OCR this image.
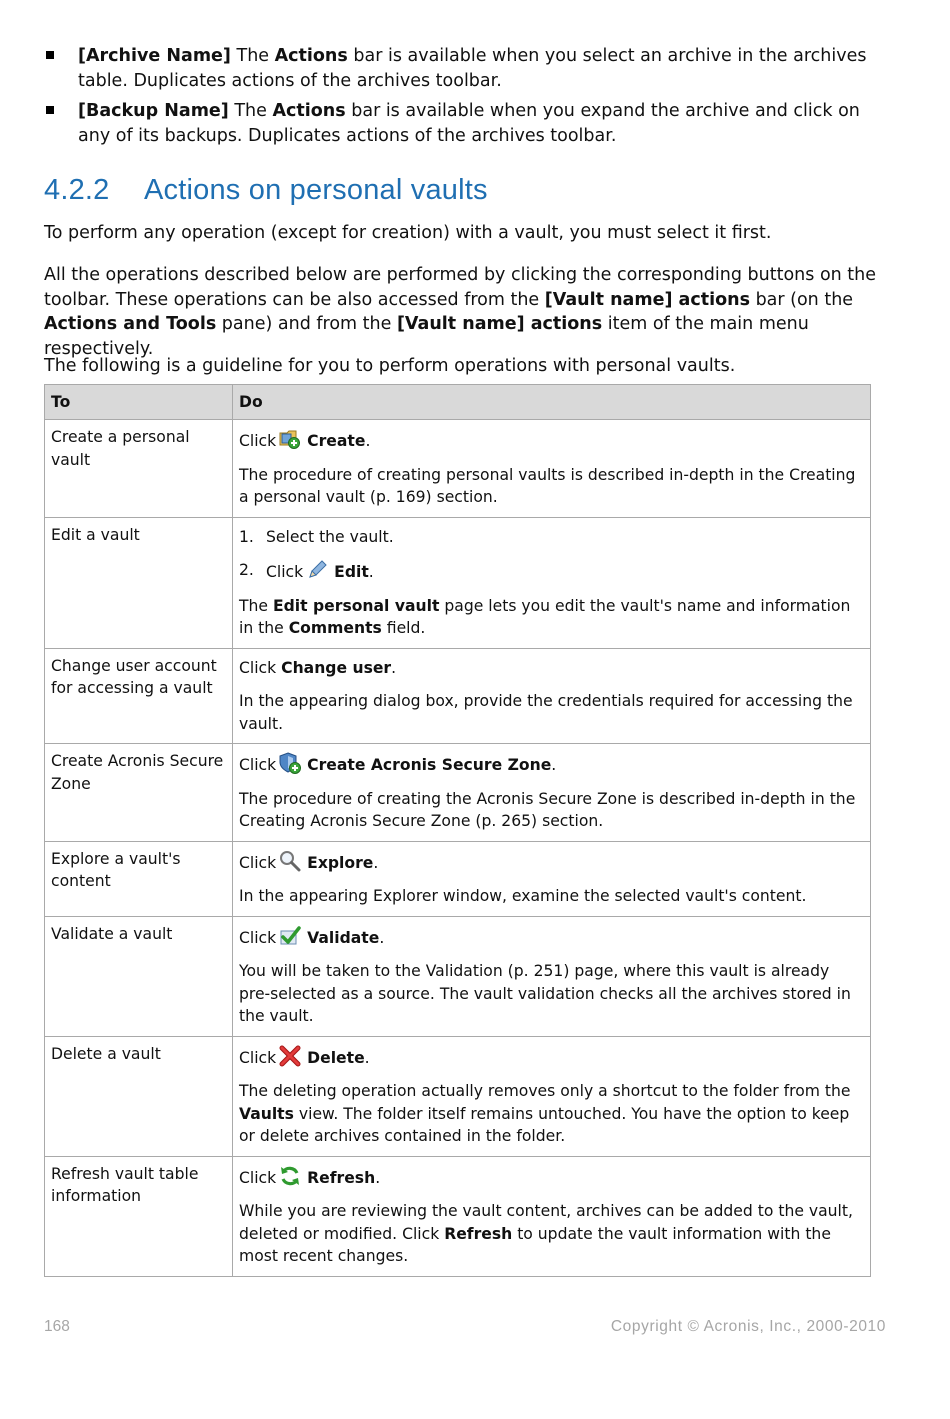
[Archive Name] The Actions bar is available when you select an archive in the archives table. Duplicates actions of the archives toolbar.
[Backup Name] The Actions bar is available when you expand the archive and click on any of its backups. Duplicates actions of the archives toolbar.
4.2.2 Actions on personal vaults

To perform any operation (except for creation) with a vault, you must select it first.

All the operations described below are performed by clicking the corresponding buttons on the toolbar. These operations can be also accessed from the [Vault name] actions bar (on the Actions and Tools pane) and from the [Vault name] actions item of the main menu respectively.

The following is a guideline for you to perform operations with personal vaults.

To	Do
Create a personal vault	Click Create.

The procedure of creating personal vaults is described in-depth in the Creating a personal vault (p. 169) section.

Edit a vault	1. Select the vault.
2. Click Edit.

The Edit personal vault page lets you edit the vault's name and information in the Comments field.

Change user account for accessing a vault	Click Change user.

In the appearing dialog box, provide the credentials required for accessing the vault.

Create Acronis Secure Zone	Click Create Acronis Secure Zone.

The procedure of creating the Acronis Secure Zone is described in-depth in the Creating Acronis Secure Zone (p. 265) section.

Explore a vault's content	Click Explore.

In the appearing Explorer window, examine the selected vault's content.

Validate a vault	Click Validate.

You will be taken to the Validation (p. 251) page, where this vault is already pre-selected as a source. The vault validation checks all the archives stored in the vault.

Delete a vault	Click Delete.

The deleting operation actually removes only a shortcut to the folder from the Vaults view. The folder itself remains untouched. You have the option to keep or delete archives contained in the folder.

Refresh vault table information	Click Refresh.

While you are reviewing the vault content, archives can be added to the vault, deleted or modified. Click Refresh to update the vault information with the most recent changes.

168	Copyright © Acronis, Inc., 2000-2010
